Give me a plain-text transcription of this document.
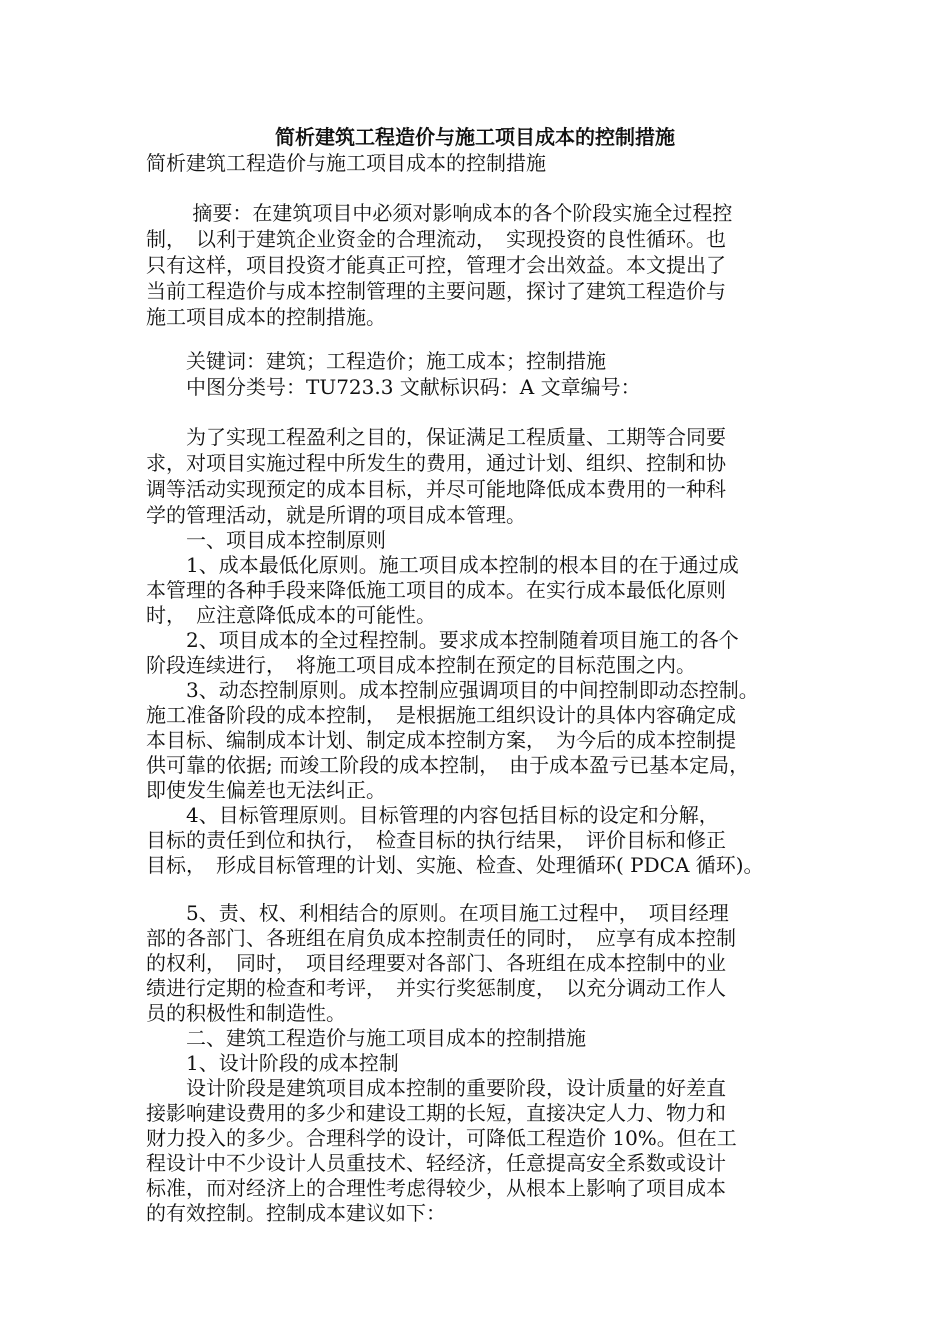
简析建筑工程造价与施工项目成本的控制措施

简析建筑工程造价与施工项目成本的控制措施

　　 摘要：在建筑项目中必须对影响成本的各个阶段实施全过程控

制，　以利于建筑企业资金的合理流动，　实现投资的良性循环。也

只有这样，项目投资才能真正可控，管理才会出效益。本文提出了

当前工程造价与成本控制管理的主要问题，探讨了建筑工程造价与

施工项目成本的控制措施。

　　关键词：建筑；工程造价；施工成本；控制措施

　　中图分类号：TU723.3 文献标识码：A 文章编号：

　　为了实现工程盈利之目的，保证满足工程质量、工期等合同要

求，对项目实施过程中所发生的费用，通过计划、组织、控制和协

调等活动实现预定的成本目标，并尽可能地降低成本费用的一种科

学的管理活动，就是所谓的项目成本管理。

　　一、项目成本控制原则

　　1、成本最低化原则。施工项目成本控制的根本目的在于通过成

本管理的各种手段来降低施工项目的成本。在实行成本最低化原则

时，　应注意降低成本的可能性。

　　2、项目成本的全过程控制。要求成本控制随着项目施工的各个

阶段连续进行，　将施工项目成本控制在预定的目标范围之内。

　　3、动态控制原则。成本控制应强调项目的中间控制即动态控制。

施工准备阶段的成本控制，　是根据施工组织设计的具体内容确定成

本目标、编制成本计划、制定成本控制方案，　为今后的成本控制提

供可靠的依据; 而竣工阶段的成本控制，　由于成本盈亏已基本定局，

即使发生偏差也无法纠正。

　　4、目标管理原则。目标管理的内容包括目标的设定和分解，

目标的责任到位和执行，　检查目标的执行结果，　评价目标和修正

目标，　形成目标管理的计划、实施、检查、处理循环( PDCA 循环)。

　　5、责、权、利相结合的原则。在项目施工过程中，　项目经理

部的各部门、各班组在肩负成本控制责任的同时，　应享有成本控制

的权利，　同时，　项目经理要对各部门、各班组在成本控制中的业

绩进行定期的检查和考评，　并实行奖惩制度，　以充分调动工作人

员的积极性和制造性。

　　二、建筑工程造价与施工项目成本的控制措施

　　1、设计阶段的成本控制

　　设计阶段是建筑项目成本控制的重要阶段，设计质量的好差直

接影响建设费用的多少和建设工期的长短，直接决定人力、物力和

财力投入的多少。合理科学的设计，可降低工程造价 10%。但在工

程设计中不少设计人员重技术、轻经济，任意提高安全系数或设计

标准，而对经济上的合理性考虑得较少，从根本上影响了项目成本

的有效控制。控制成本建议如下：
